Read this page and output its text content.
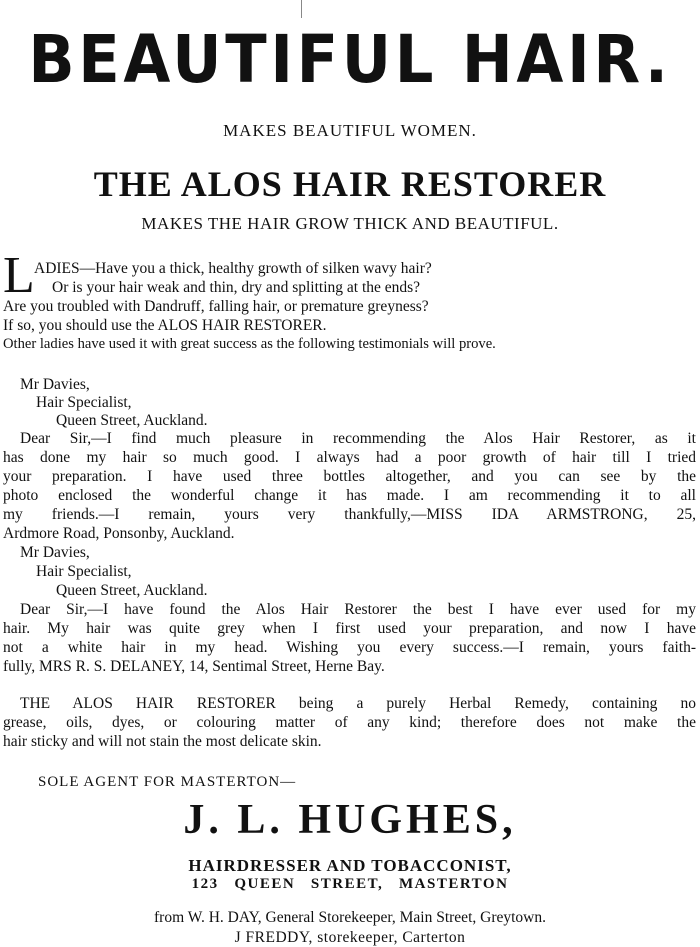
BEAUTIFUL HAIR.
MAKES BEAUTIFUL WOMEN.
THE ALOS HAIR RESTORER
MAKES THE HAIR GROW THICK AND BEAUTIFUL.
L ADIES—Have you a thick, healthy growth of silken wavy hair?
Or is your hair weak and thin, dry and splitting at the ends?
Are you troubled with Dandruff, falling hair, or premature greyness?
If so, you should use the ALOS HAIR RESTORER.
Other ladies have used it with great success as the following testimonials will prove.
Mr Davies,
Hair Specialist,
Queen Street, Auckland.
Dear Sir,—I find much pleasure in recommending the Alos Hair Restorer, as it
has done my hair so much good. I always had a poor growth of hair till I tried
your preparation. I have used three bottles altogether, and you can see by the
photo enclosed the wonderful change it has made. I am recommending it to all
my friends.—I remain, yours very thankfully,—MISS IDA ARMSTRONG, 25,
Ardmore Road, Ponsonby, Auckland.
Mr Davies,
Hair Specialist,
Queen Street, Auckland.
Dear Sir,—I have found the Alos Hair Restorer the best I have ever used for my
hair. My hair was quite grey when I first used your preparation, and now I have
not a white hair in my head. Wishing you every success.—I remain, yours faith-
fully, MRS R. S. DELANEY, 14, Sentimal Street, Herne Bay.
THE ALOS HAIR RESTORER being a purely Herbal Remedy, containing no
grease, oils, dyes, or colouring matter of any kind; therefore does not make the
hair sticky and will not stain the most delicate skin.
SOLE AGENT FOR MASTERTON—
J. L. HUGHES,
HAIRDRESSER AND TOBACCONIST,
123   QUEEN   STREET,   MASTERTON
from W. H. DAY, General Storekeeper, Main Street, Greytown.
J FREDDY, storekeeper, Carterton
